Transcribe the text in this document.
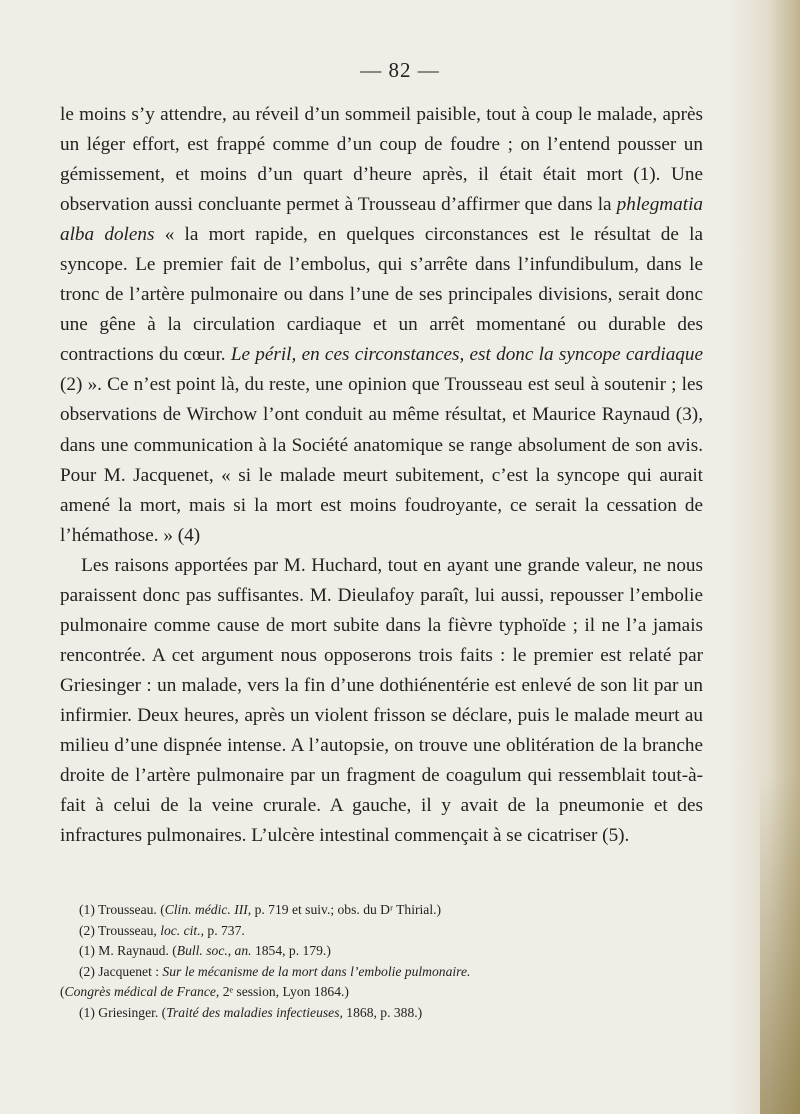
— 82 —

le moins s’y attendre, au réveil d’un sommeil paisible, tout à coup le malade, après un léger effort, est frappé comme d’un coup de foudre ; on l’entend pousser un gémissement, et moins d’un quart d’heure après, il était était mort (1). Une observation aussi concluante permet à Trousseau d’affirmer que dans la phlegmatia alba dolens « la mort rapide, en quelques circonstances est le résultat de la syncope. Le premier fait de l’embolus, qui s’arrête dans l’infundibulum, dans le tronc de l’artère pulmonaire ou dans l’une de ses principales divisions, serait donc une gêne à la circulation cardiaque et un arrêt momentané ou durable des contractions du cœur. Le péril, en ces circonstances, est donc la syncope cardiaque (2) ». Ce n’est point là, du reste, une opinion que Trousseau est seul à soutenir ; les observations de Wirchow l’ont conduit au même résultat, et Maurice Raynaud (3), dans une communication à la Société anatomique se range absolument de son avis. Pour M. Jacquenet, « si le malade meurt subitement, c’est la syncope qui aurait amené la mort, mais si la mort est moins foudroyante, ce serait la cessation de l’hémathose. » (4)

Les raisons apportées par M. Huchard, tout en ayant une grande valeur, ne nous paraissent donc pas suffisantes. M. Dieulafoy paraît, lui aussi, repousser l’embolie pulmonaire comme cause de mort subite dans la fièvre typhoïde ; il ne l’a jamais rencontrée. A cet argument nous opposerons trois faits : le premier est relaté par Griesinger : un malade, vers la fin d’une dothiénentérie est enlevé de son lit par un infirmier. Deux heures, après un violent frisson se déclare, puis le malade meurt au milieu d’une dispnée intense. A l’autopsie, on trouve une oblitération de la branche droite de l’artère pulmonaire par un fragment de coagulum qui ressemblait tout-à-fait à celui de la veine crurale. A gauche, il y avait de la pneumonie et des infractures pulmonaires. L’ulcère intestinal commençait à se cicatriser (5).

(1) Trousseau. (Clin. médic. III, p. 719 et suiv.; obs. du Dʳ Thirial.)

(2) Trousseau, loc. cit., p. 737.

(1) M. Raynaud. (Bull. soc., an. 1854, p. 179.)

(2) Jacquenet : Sur le mécanisme de la mort dans l’embolie pulmonaire.

(Congrès médical de France, 2ᵉ session, Lyon 1864.)

(1) Griesinger. (Traité des maladies infectieuses, 1868, p. 388.)
